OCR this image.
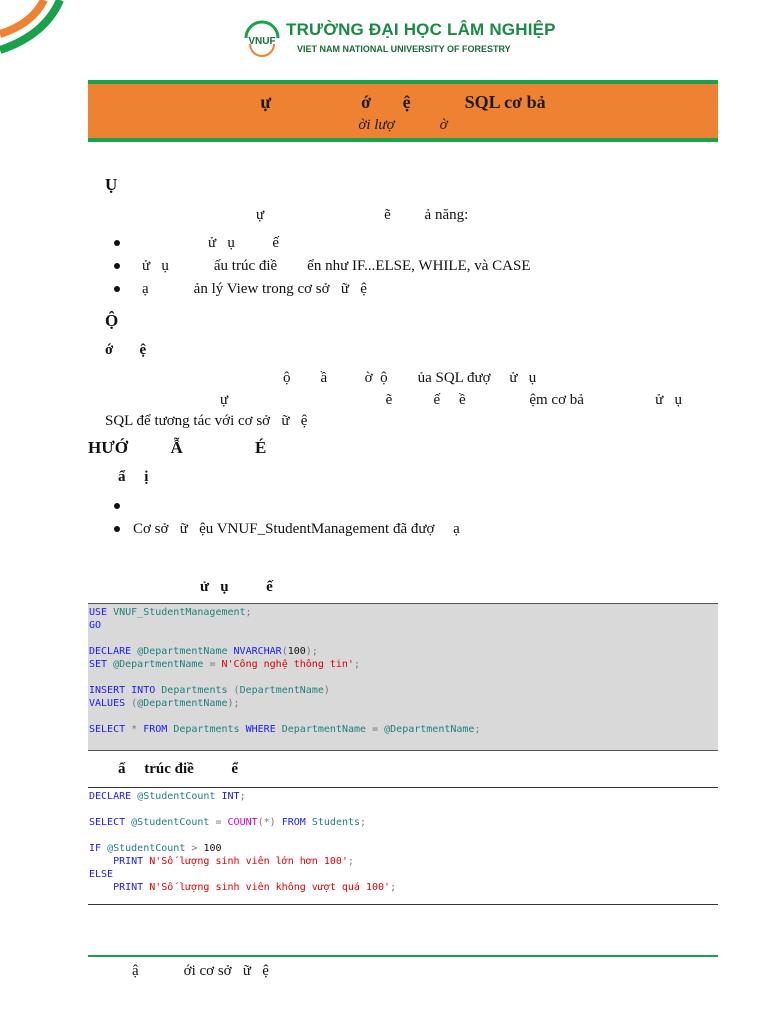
VNUF
TRƯỜNG ĐẠI HỌC LÂM NGHIỆP
VIET NAM NATIONAL UNIVERSITY OF FORESTRY
ự                    ớ       ệ            SQL cơ bả
ời lượ            ờ
Ụ
ự                                ẽ         ả năng:
ử   ụ          ế
ử   ụ            ấu trúc điề        ển như IF...ELSE, WHILE, và CASE
ạ            ản lý View trong cơ sở   ữ   ệ
Ộ
ớ       ệ
ộ        ầ          ờ  ộ        ủa SQL đượ     ử   ụ
ự                                          ẽ           ế     ề                 ệm cơ bả                   ử   ụ
SQL để tương tác với cơ sở   ữ   ệ
HƯỚ          Ẫ                 É
ẩ     ị
Cơ sở   ữ   ệu VNUF_StudentManagement đã đượ     ạ
ử   ụ          ế
USE VNUF_StudentManagement;
GO
DECLARE @DepartmentName NVARCHAR(100);
SET @DepartmentName = N'Công nghệ thông tin';
INSERT INTO Departments (DepartmentName)
VALUES (@DepartmentName);
SELECT * FROM Departments WHERE DepartmentName = @DepartmentName;
ấ     trúc điề          ể
DECLARE @StudentCount INT;
SELECT @StudentCount = COUNT(*) FROM Students;
IF @StudentCount > 100
PRINT N'Số lượng sinh viên lớn hơn 100';
ELSE
PRINT N'Số lượng sinh viên không vượt quá 100';
ậ            ới cơ sở   ữ   ệ
